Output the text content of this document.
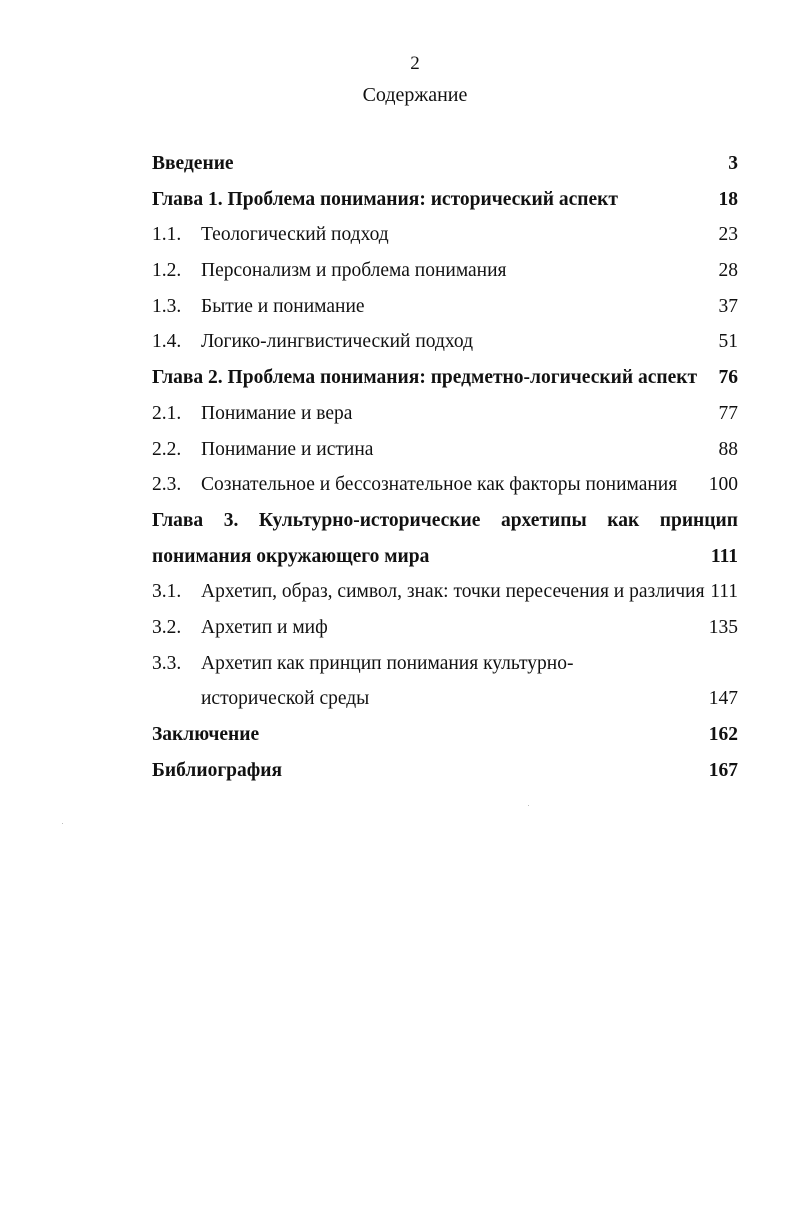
2
Содержание
Введение	3
Глава 1. Проблема понимания: исторический аспект	18
1.1. Теологический подход	23
1.2. Персонализм и проблема понимания	28
1.3. Бытие и понимание	37
1.4. Логико-лингвистический подход	51
Глава 2. Проблема понимания: предметно-логический аспект 76
2.1. Понимание и вера	77
2.2. Понимание и истина	88
2.3. Сознательное и бессознательное как факторы понимания 100
Глава 3. Культурно-исторические архетипы как принцип
понимания окружающего мира	111
3.1. Архетип, образ, символ, знак: точки пересечения и различия 111
3.2. Архетип и миф	135
3.3. Архетип как принцип понимания культурно-
исторической среды	147
Заключение	162
Библиография	167
